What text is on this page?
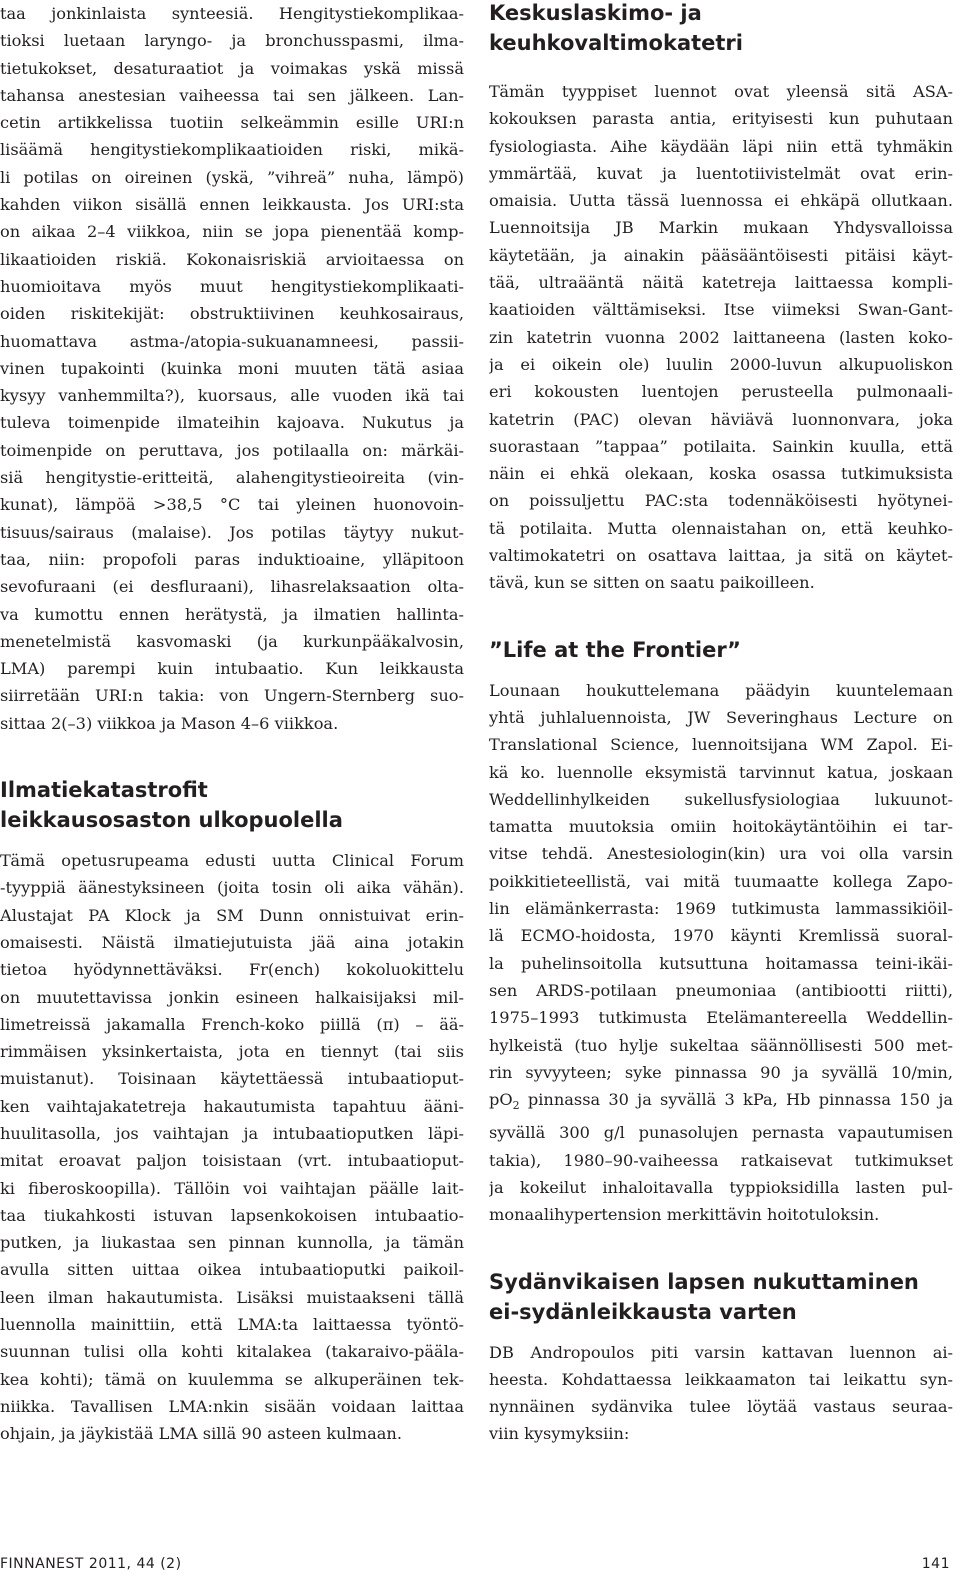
taa jonkinlaista synteesiä. Hengitystiekomplikaa-
tioksi luetaan laryngo- ja bronchusspasmi, ilma-
tietukokset, desaturaatiot ja voimakas yskä missä
tahansa anestesian vaiheessa tai sen jälkeen. Lan-
cetin artikkelissa tuotiin selkeämmin esille URI:n
lisäämä hengitystiekomplikaatioiden riski, mikä-
li potilas on oireinen (yskä, ”vihreä” nuha, lämpö)
kahden viikon sisällä ennen leikkausta. Jos URI:sta
on aikaa 2–4 viikkoa, niin se jopa pienentää komp-
likaatioiden riskiä. Kokonaisriskiä arvioitaessa on
huomioitava myös muut hengitystiekomplikaati-
oiden riskitekijät: obstruktiivinen keuhkosairaus,
huomattava astma-/atopia-sukuanamneesi, passii-
vinen tupakointi (kuinka moni muuten tätä asiaa
kysyy vanhemmilta?), kuorsaus, alle vuoden ikä tai
tuleva toimenpide ilmateihin kajoava. Nukutus ja
toimenpide on peruttava, jos potilaalla on: märkäi-
siä hengitystie-eritteitä, alahengitystieoireita (vin-
kunat), lämpöä >38,5 °C tai yleinen huonovoin-
tisuus/sairaus (malaise). Jos potilas täytyy nukut-
taa, niin: propofoli paras induktioaine, ylläpitoon
sevofuraani (ei desfluraani), lihasrelaksaation olta-
va kumottu ennen herätystä, ja ilmatien hallinta-
menetelmistä kasvomaski (ja kurkunpääkalvosin,
LMA) parempi kuin intubaatio. Kun leikkausta
siirretään URI:n takia: von Ungern-Sternberg suo-
sittaa 2(–3) viikkoa ja Mason 4–6 viikkoa.

Ilmatiekatastrofit
leikkausosaston ulkopuolella

Tämä opetusrupeama edusti uutta Clinical Forum
-tyyppiä äänestyksineen (joita tosin oli aika vähän).
Alustajat PA Klock ja SM Dunn onnistuivat erin-
omaisesti. Näistä ilmatiejutuista jää aina jotakin
tietoa hyödynnettäväksi. Fr(ench) kokoluokittelu
on muutettavissa jonkin esineen halkaisijaksi mil-
limetreissä jakamalla French-koko piillä (π) – ää-
rimmäisen yksinkertaista, jota en tiennyt (tai siis
muistanut). Toisinaan käytettäessä intubaatioput-
ken vaihtajakatetreja hakautumista tapahtuu ääni-
huulitasolla, jos vaihtajan ja intubaatioputken läpi-
mitat eroavat paljon toisistaan (vrt. intubaatioput-
ki fiberoskoopilla). Tällöin voi vaihtajan päälle lait-
taa tiukahkosti istuvan lapsenkokoisen intubaatio-
putken, ja liukastaa sen pinnan kunnolla, ja tämän
avulla sitten uittaa oikea intubaatioputki paikoil-
leen ilman hakautumista. Lisäksi muistaakseni tällä
luennolla mainittiin, että LMA:ta laittaessa työntö-
suunnan tulisi olla kohti kitalakea (takaraivo-päälа-
kea kohti); tämä on kuulemma se alkuperäinen tek-
niikka. Tavallisen LMA:nkin sisään voidaan laittaa
ohjain, ja jäykistää LMA sillä 90 asteen kulmaan.

Keskuslaskimo- ja
keuhkovaltimokatetri

Tämän tyyppiset luennot ovat yleensä sitä ASA-
kokouksen parasta antia, erityisesti kun puhutaan
fysiologiasta. Aihe käydään läpi niin että tyhmäkin
ymmärtää, kuvat ja luentotiivistelmät ovat erin-
omaisia. Uutta tässä luennossa ei ehkäpä ollutkaan.
Luennoitsija JB Markin mukaan Yhdysvalloissa
käytetään, ja ainakin pääsääntöisesti pitäisi käyt-
tää, ultraääntä näitä katetreja laittaessa kompli-
kaatioiden välttämiseksi. Itse viimeksi Swan-Gant-
zin katetrin vuonna 2002 laittaneena (lasten koko-
ja ei oikein ole) luulin 2000-luvun alkupuoliskon
eri kokousten luentojen perusteella pulmonaali-
katetrin (PAC) olevan häviävä luonnonvara, joka
suorastaan ”tappaa” potilaita. Sainkin kuulla, että
näin ei ehkä olekaan, koska osassa tutkimuksista
on poissuljettu PAC:sta todennäköisesti hyötynei-
tä potilaita. Mutta olennaistahan on, että keuhko-
valtimokatetri on osattava laittaa, ja sitä on käytet-
tävä, kun se sitten on saatu paikoilleen.

”Life at the Frontier”

Lounaan houkuttelemana päädyin kuuntelemaan
yhtä juhlaluennoista, JW Severinghaus Lecture on
Translational Science, luennoitsijana WM Zapol. Ei-
kä ko. luennolle eksymistä tarvinnut katua, joskaan
Weddellinhylkeiden sukellusfysiologiaa lukuunot-
tamatta muutoksia omiin hoitokäytäntöihin ei tar-
vitse tehdä. Anestesiologin(kin) ura voi olla varsin
poikkitieteellistä, vai mitä tuumaatte kollega Zapo-
lin elämänkerrasta: 1969 tutkimusta lammassikiöil-
lä ECMO-hoidosta, 1970 käynti Kremlissä suoral-
la puhelinsoitolla kutsuttuna hoitamassa teini-ikäi-
sen ARDS-potilaan pneumoniaa (antibiootti riitti),
1975–1993 tutkimusta Etelämantereella Weddellin-
hylkeistä (tuo hylje sukeltaa säännöllisesti 500 met-
rin syvyyteen; syke pinnassa 90 ja syvällä 10/min,
$pO_2$ pinnassa 30 ja syvällä 3 kPa, Hb pinnassa 150 ja
syvällä 300 g/l punasolujen pernasta vapautumisen
takia), 1980–90-vaiheessa ratkaisevat tutkimukset
ja kokeilut inhaloitavalla typpioksidilla lasten pul-
monaalihypertension merkittävin hoitotuloksin.

Sydänvikaisen lapsen nukuttaminen
ei-sydänleikkausta varten

DB Andropoulos piti varsin kattavan luennon ai-
heesta. Kohdattaessa leikkaamaton tai leikattu syn-
nynnäinen sydänvika tulee löytää vastaus seuraa-
viin kysymyksiin:

FINNANEST 2011, 44 (2)	141
